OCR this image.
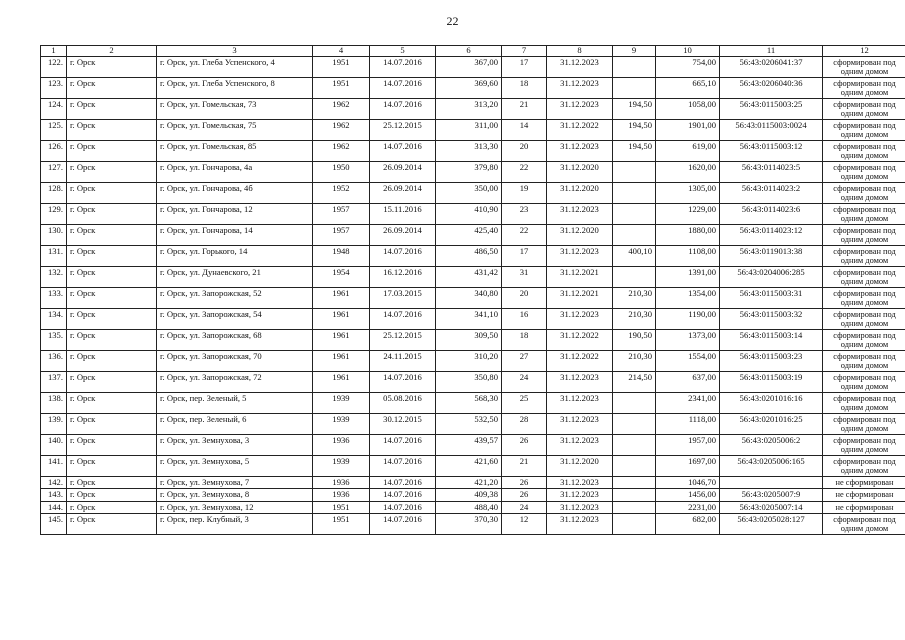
22
1	2	3	4	5	6	7	8	9	10	11	12
122.	г. Орск	г. Орск, ул. Глеба Успенского, 4	1951	14.07.2016	367,00	17	31.12.2023		754,00	56:43:0206041:37	сформирован под одним домом
123.	г. Орск	г. Орск, ул. Глеба Успенского, 8	1951	14.07.2016	369,60	18	31.12.2023		665,10	56:43:0206040:36	сформирован под одним домом
124.	г. Орск	г. Орск, ул. Гомельская, 73	1962	14.07.2016	313,20	21	31.12.2023	194,50	1058,00	56:43:0115003:25	сформирован под одним домом
125.	г. Орск	г. Орск, ул. Гомельская, 75	1962	25.12.2015	311,00	14	31.12.2022	194,50	1901,00	56:43:0115003:0024	сформирован под одним домом
126.	г. Орск	г. Орск, ул. Гомельская, 85	1962	14.07.2016	313,30	20	31.12.2023	194,50	619,00	56:43:0115003:12	сформирован под одним домом
127.	г. Орск	г. Орск, ул. Гончарова, 4а	1950	26.09.2014	379,80	22	31.12.2020		1620,00	56:43:0114023:5	сформирован под одним домом
128.	г. Орск	г. Орск, ул. Гончарова, 4б	1952	26.09.2014	350,00	19	31.12.2020		1305,00	56:43:0114023:2	сформирован под одним домом
129.	г. Орск	г. Орск, ул. Гончарова, 12	1957	15.11.2016	410,90	23	31.12.2023		1229,00	56:43:0114023:6	сформирован под одним домом
130.	г. Орск	г. Орск, ул. Гончарова, 14	1957	26.09.2014	425,40	22	31.12.2020		1880,00	56:43:0114023:12	сформирован под одним домом
131.	г. Орск	г. Орск, ул. Горького, 14	1948	14.07.2016	486,50	17	31.12.2023	400,10	1108,00	56:43:0119013:38	сформирован под одним домом
132.	г. Орск	г. Орск, ул. Дунаевского, 21	1954	16.12.2016	431,42	31	31.12.2021		1391,00	56:43:0204006:285	сформирован под одним домом
133.	г. Орск	г. Орск, ул. Запорожская, 52	1961	17.03.2015	340,80	20	31.12.2021	210,30	1354,00	56:43:0115003:31	сформирован под одним домом
134.	г. Орск	г. Орск, ул. Запорожская, 54	1961	14.07.2016	341,10	16	31.12.2023	210,30	1190,00	56:43:0115003:32	сформирован под одним домом
135.	г. Орск	г. Орск, ул. Запорожская, 68	1961	25.12.2015	309,50	18	31.12.2022	190,50	1373,00	56:43:0115003:14	сформирован под одним домом
136.	г. Орск	г. Орск, ул. Запорожская, 70	1961	24.11.2015	310,20	27	31.12.2022	210,30	1554,00	56:43:0115003:23	сформирован под одним домом
137.	г. Орск	г. Орск, ул. Запорожская, 72	1961	14.07.2016	350,80	24	31.12.2023	214,50	637,00	56:43:0115003:19	сформирован под одним домом
138.	г. Орск	г. Орск, пер. Зеленый, 5	1939	05.08.2016	568,30	25	31.12.2023		2341,00	56:43:0201016:16	сформирован под одним домом
139.	г. Орск	г. Орск, пер. Зеленый, 6	1939	30.12.2015	532,50	28	31.12.2023		1118,00	56:43:0201016:25	сформирован под одним домом
140.	г. Орск	г. Орск, ул. Земнухова, 3	1936	14.07.2016	439,57	26	31.12.2023		1957,00	56:43:0205006:2	сформирован под одним домом
141.	г. Орск	г. Орск, ул. Земнухова, 5	1939	14.07.2016	421,60	21	31.12.2020		1697,00	56:43:0205006:165	сформирован под одним домом
142.	г. Орск	г. Орск, ул. Земнухова, 7	1936	14.07.2016	421,20	26	31.12.2023		1046,70		не сформирован
143.	г. Орск	г. Орск, ул. Земнухова, 8	1936	14.07.2016	409,38	26	31.12.2023		1456,00	56:43:0205007:9	не сформирован
144.	г. Орск	г. Орск, ул. Земнухова, 12	1951	14.07.2016	488,40	24	31.12.2023		2231,00	56:43:0205007:14	не сформирован
145.	г. Орск	г. Орск, пер. Клубный, 3	1951	14.07.2016	370,30	12	31.12.2023		682,00	56:43:0205028:127	сформирован под одним домом
